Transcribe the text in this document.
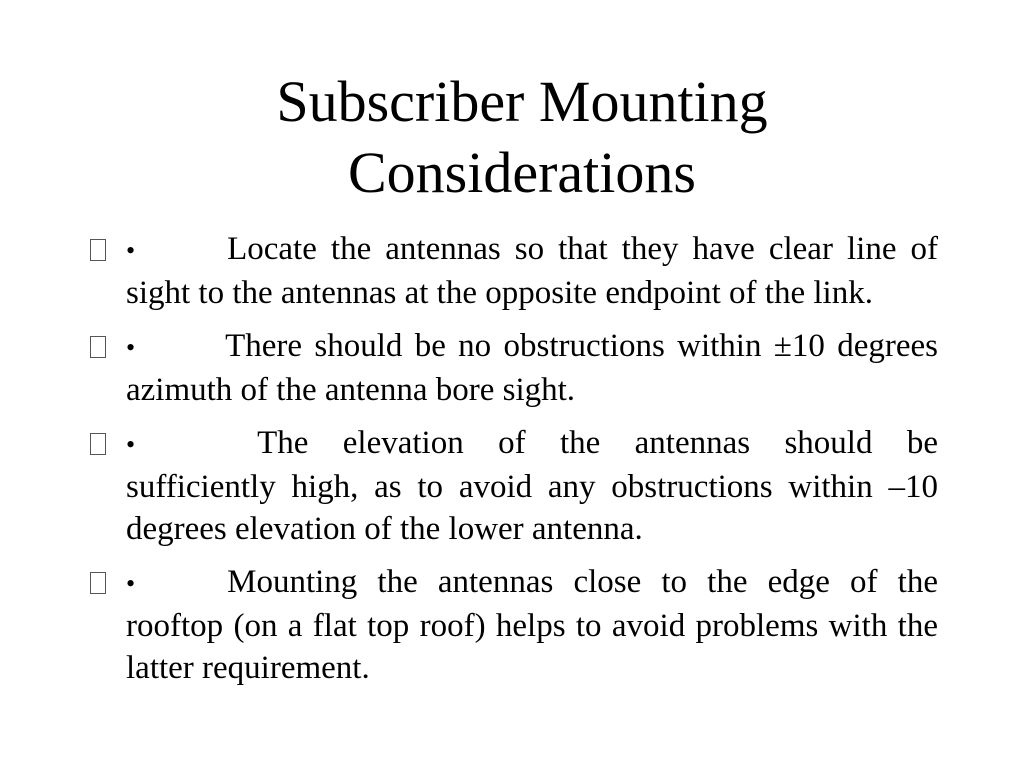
Subscriber Mounting
Considerations
•	Locate the antennas so that they have clear line of sight to the antennas at the opposite endpoint of the link.
•	There should be no obstructions within ±10 degrees azimuth of the antenna bore sight.
•	The elevation of the antennas should be sufficiently high, as to avoid any obstructions within –10 degrees elevation of the lower antenna.
•	Mounting the antennas close to the edge of the rooftop (on a flat top roof) helps to avoid problems with the latter requirement.
